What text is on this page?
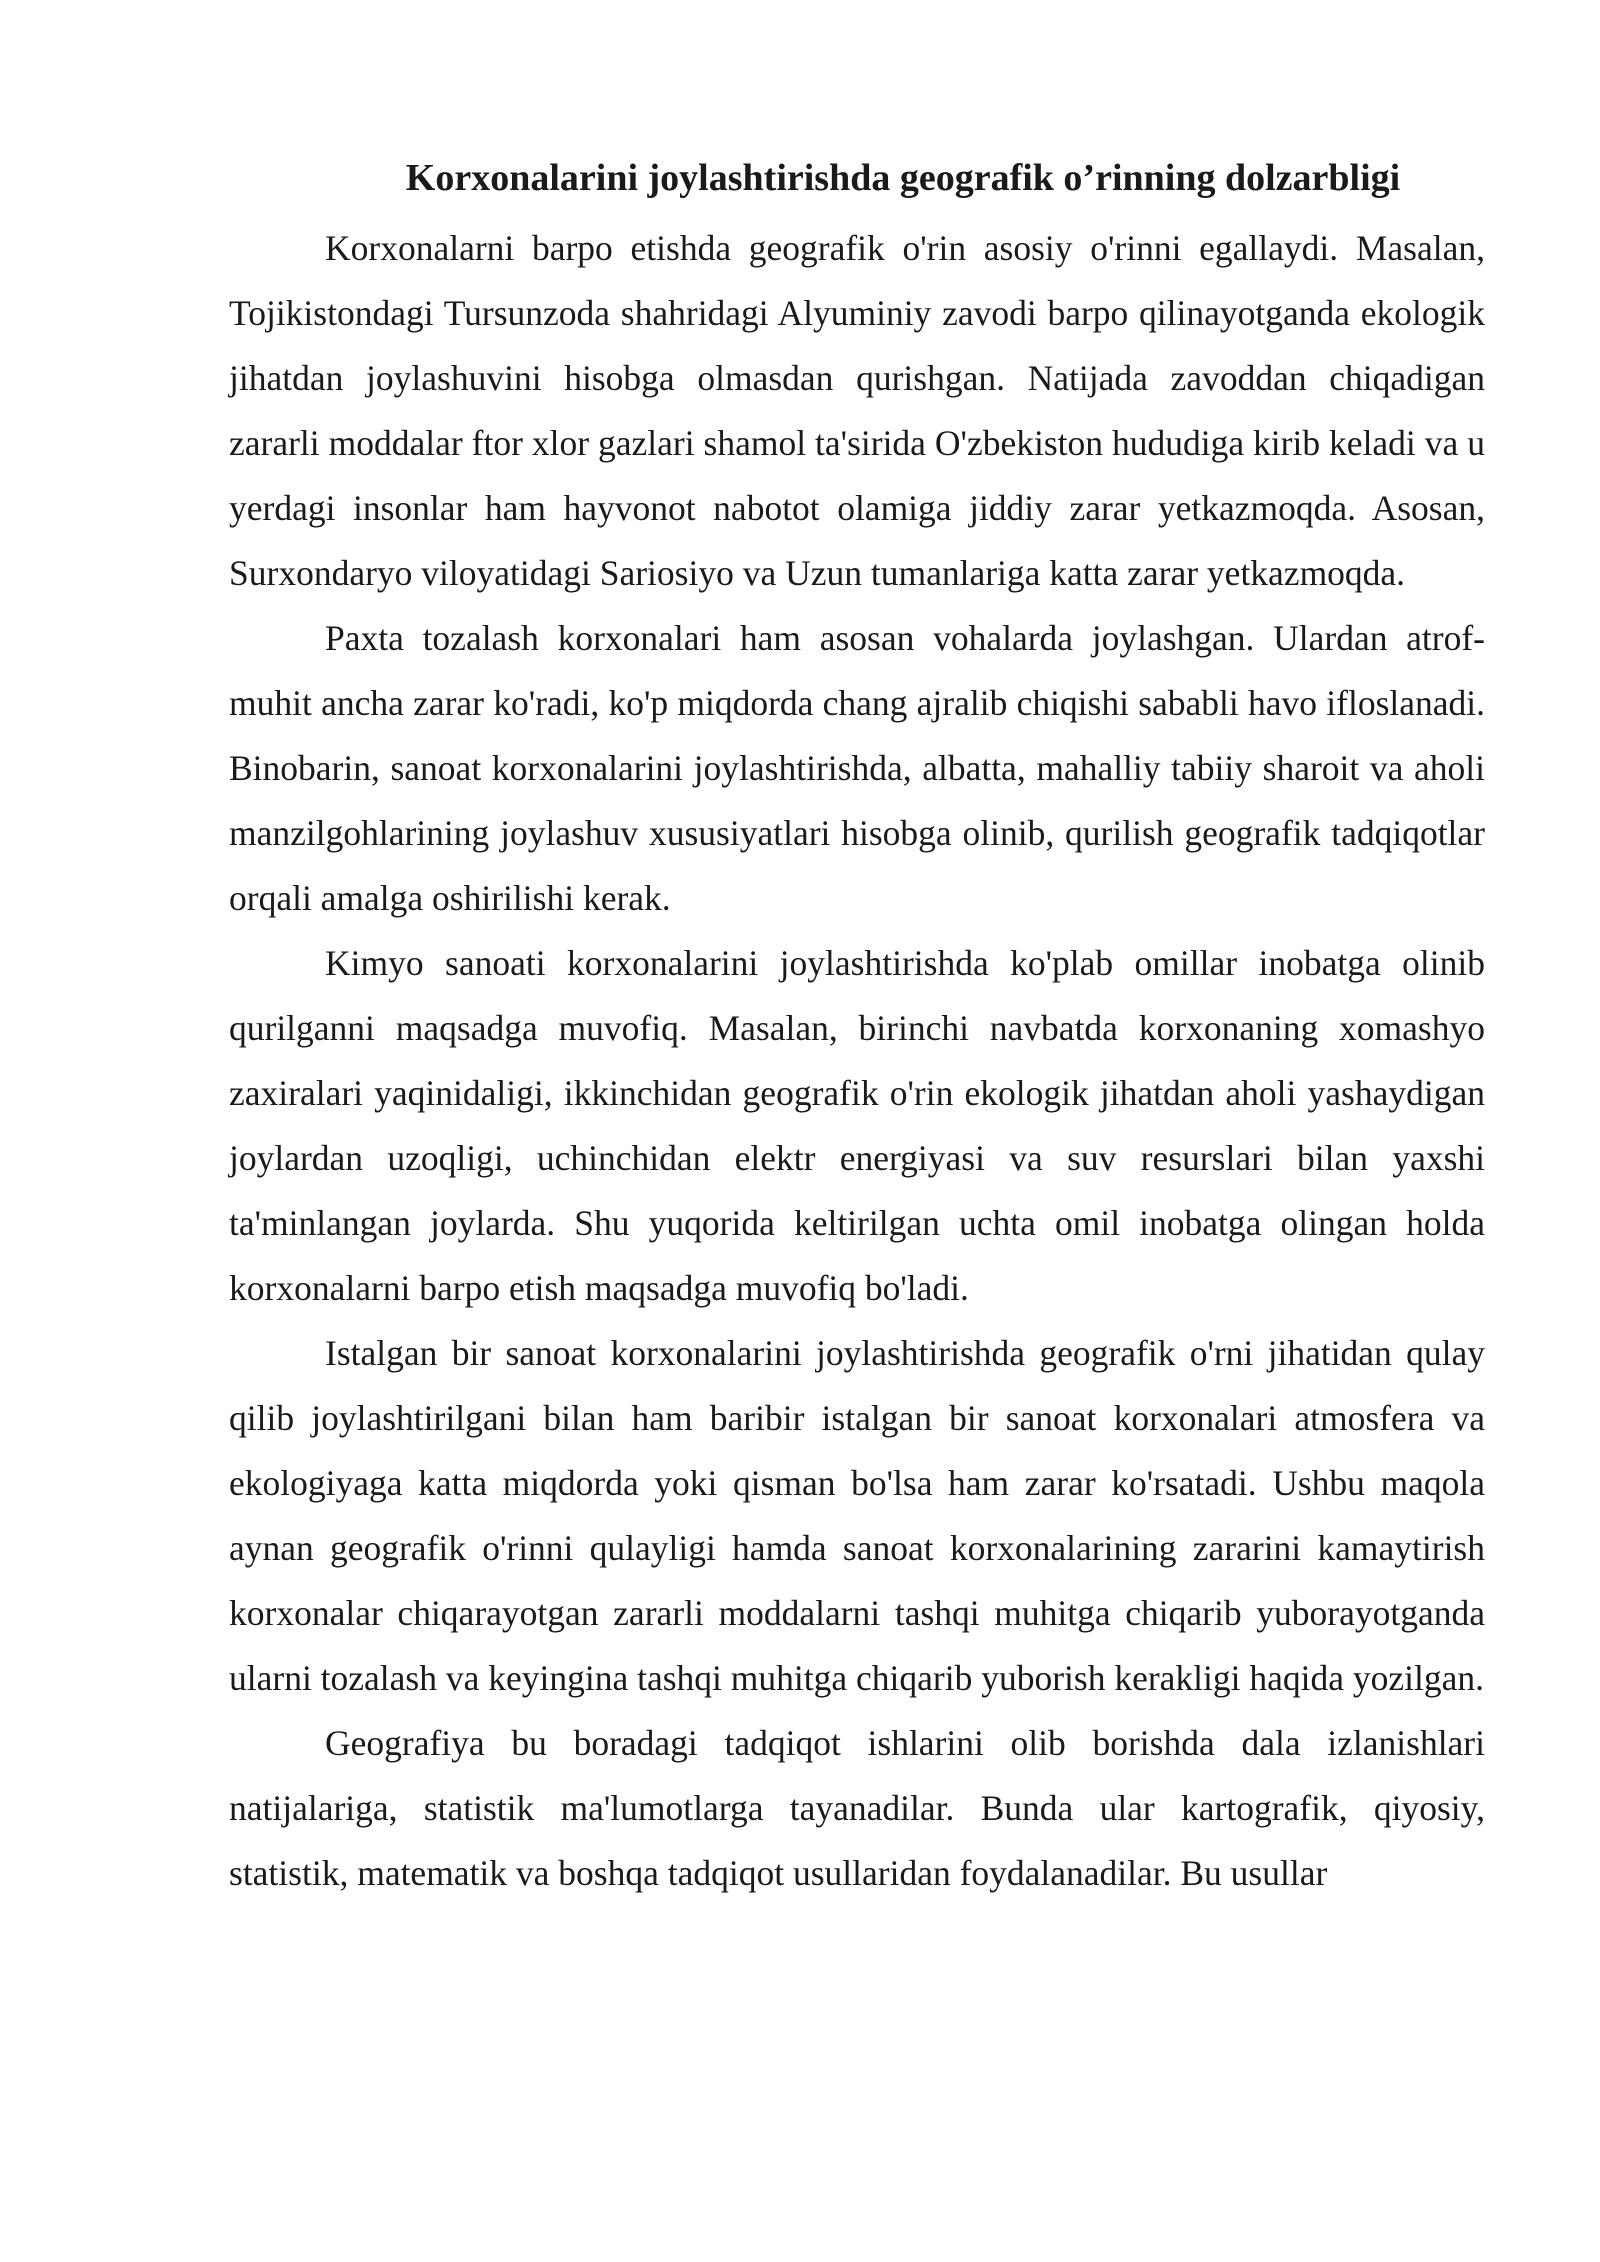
Korxonalarini joylashtirishda geografik o’rinning dolzarbligi

Korxonalarni barpo etishda geografik o'rin asosiy o'rinni egallaydi. Masalan, Tojikistondagi Tursunzoda shahridagi Alyuminiy zavodi barpo qilinayotganda ekologik jihatdan joylashuvini hisobga olmasdan qurishgan. Natijada zavoddan chiqadigan zararli moddalar ftor xlor gazlari shamol ta'sirida O'zbekiston hududiga kirib keladi va u yerdagi insonlar ham hayvonot nabotot olamiga jiddiy zarar yetkazmoqda. Asosan, Surxondaryo viloyatidagi Sariosiyo va Uzun tumanlariga katta zarar yetkazmoqda.

Paxta tozalash korxonalari ham asosan vohalarda joylashgan. Ulardan atrof-muhit ancha zarar ko'radi, ko'p miqdorda chang ajralib chiqishi sababli havo ifloslanadi. Binobarin, sanoat korxonalarini joylashtirishda, albatta, mahalliy tabiiy sharoit va aholi manzilgohlarining joylashuv xususiyatlari hisobga olinib, qurilish geografik tadqiqotlar orqali amalga oshirilishi kerak.

Kimyo sanoati korxonalarini joylashtirishda ko'plab omillar inobatga olinib qurilganni maqsadga muvofiq. Masalan, birinchi navbatda korxonaning xomashyo zaxiralari yaqinidaligi, ikkinchidan geografik o'rin ekologik jihatdan aholi yashaydigan joylardan uzoqligi, uchinchidan elektr energiyasi va suv resurslari bilan yaxshi ta'minlangan joylarda. Shu yuqorida keltirilgan uchta omil inobatga olingan holda korxonalarni barpo etish maqsadga muvofiq bo'ladi.

Istalgan bir sanoat korxonalarini joylashtirishda geografik o'rni jihatidan qulay qilib joylashtirilgani bilan ham baribir istalgan bir sanoat korxonalari atmosfera va ekologiyaga katta miqdorda yoki qisman bo'lsa ham zarar ko'rsatadi. Ushbu maqola aynan geografik o'rinni qulayligi hamda sanoat korxonalarining zararini kamaytirish korxonalar chiqarayotgan zararli moddalarni tashqi muhitga chiqarib yuborayotganda ularni tozalash va keyingina tashqi muhitga chiqarib yuborish kerakligi haqida yozilgan.

Geografiya bu boradagi tadqiqot ishlarini olib borishda dala izlanishlari natijalariga, statistik ma'lumotlarga tayanadilar. Bunda ular kartografik, qiyosiy, statistik, matematik va boshqa tadqiqot usullaridan foydalanadilar. Bu usullar
